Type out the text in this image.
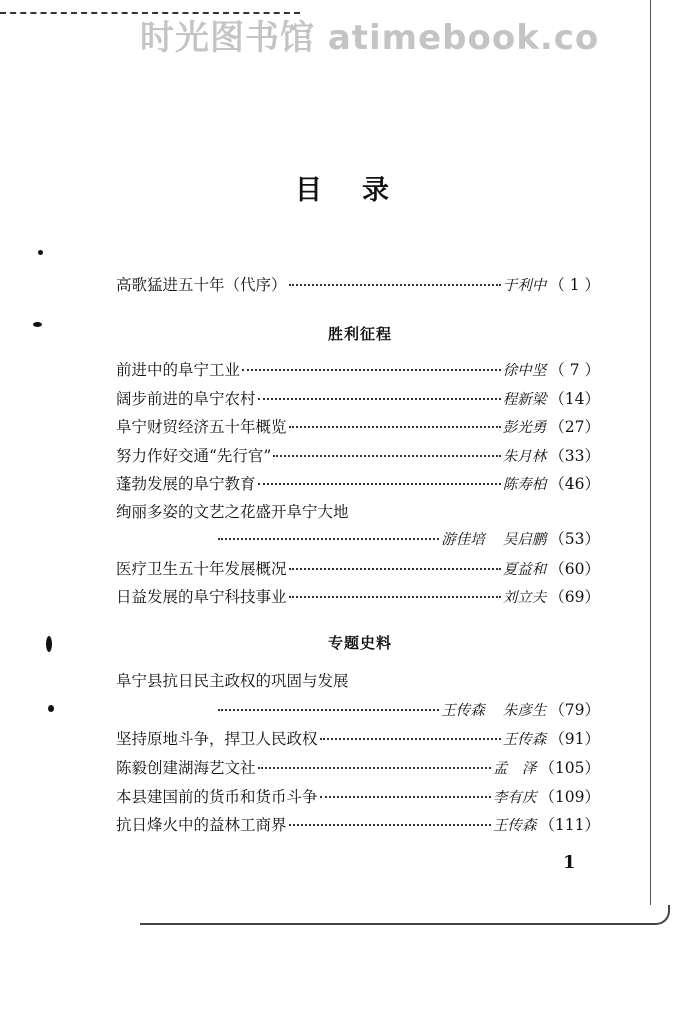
时光图书馆 atimebook.co
目录
高歌猛进五十年（代序）	于利中 （ 1 ）
胜利征程
前进中的阜宁工业	徐中坚 （ 7 ）
阔步前进的阜宁农村	程新梁 （14）
阜宁财贸经济五十年概览	彭光勇 （27）
努力作好交通“先行官”	朱月林 （33）
蓬勃发展的阜宁教育	陈寿柏 （46）
绚丽多姿的文艺之花盛开阜宁大地
游佳培 吴启鹏 （53）
医疗卫生五十年发展概况	夏益和 （60）
日益发展的阜宁科技事业	刘立夫 （69）
专题史料
阜宁县抗日民主政权的巩固与发展
王传森 朱彦生 （79）
坚持原地斗争，捍卫人民政权	王传森 （91）
陈毅创建湖海艺文社	孟　泽 （105）
本县建国前的货币和货币斗争	李有庆 （109）
抗日烽火中的益林工商界	王传森 （111）
1
